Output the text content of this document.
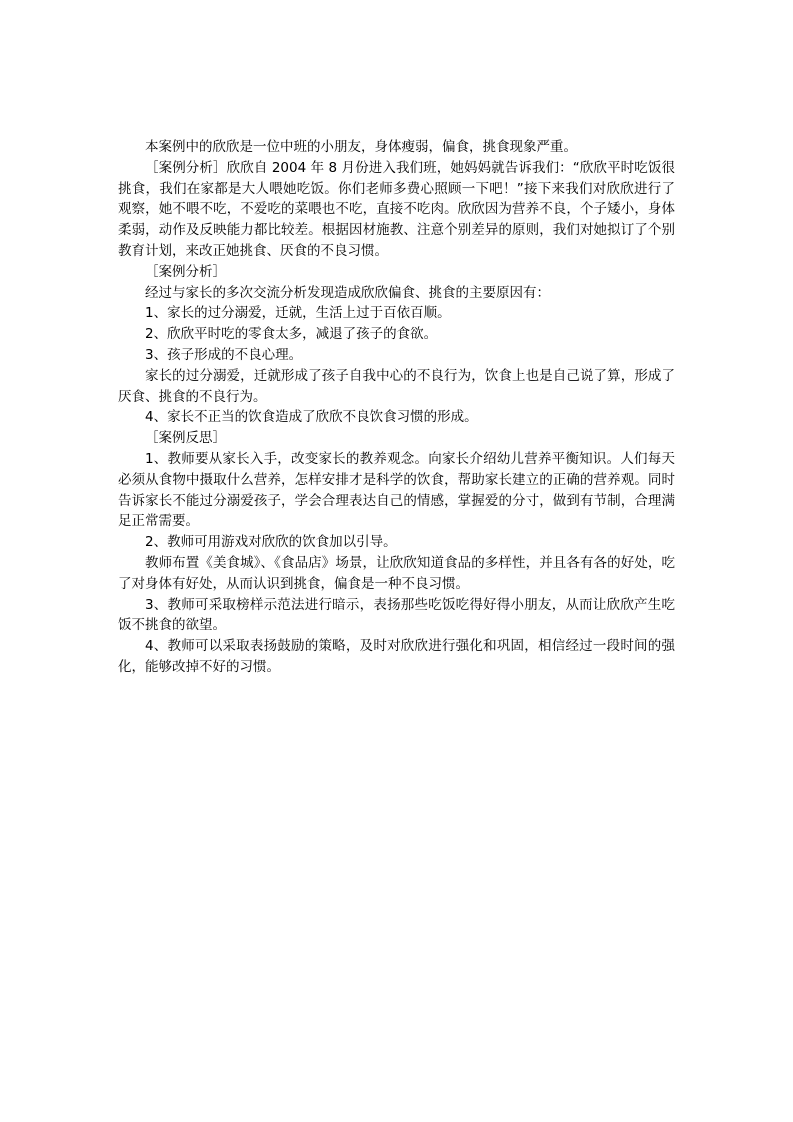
本案例中的欣欣是一位中班的小朋友，身体瘦弱，偏食，挑食现象严重。

［案例分析］欣欣自 2004 年 8 月份进入我们班，她妈妈就告诉我们：“欣欣平时吃饭很挑食，我们在家都是大人喂她吃饭。你们老师多费心照顾一下吧！”接下来我们对欣欣进行了观察，她不喂不吃，不爱吃的菜喂也不吃，直接不吃肉。欣欣因为营养不良，个子矮小，身体柔弱，动作及反映能力都比较差。根据因材施教、注意个别差异的原则，我们对她拟订了个别教育计划，来改正她挑食、厌食的不良习惯。

［案例分析］

经过与家长的多次交流分析发现造成欣欣偏食、挑食的主要原因有：

1、家长的过分溺爱，迁就，生活上过于百依百顺。

2、欣欣平时吃的零食太多，减退了孩子的食欲。

3、孩子形成的不良心理。

家长的过分溺爱，迁就形成了孩子自我中心的不良行为，饮食上也是自己说了算，形成了厌食、挑食的不良行为。

4、家长不正当的饮食造成了欣欣不良饮食习惯的形成。

［案例反思］

1、教师要从家长入手，改变家长的教养观念。向家长介绍幼儿营养平衡知识。人们每天必须从食物中摄取什么营养，怎样安排才是科学的饮食，帮助家长建立的正确的营养观。同时告诉家长不能过分溺爱孩子，学会合理表达自己的情感，掌握爱的分寸，做到有节制，合理满足正常需要。

2、教师可用游戏对欣欣的饮食加以引导。

教师布置《美食城》、《食品店》场景，让欣欣知道食品的多样性，并且各有各的好处，吃了对身体有好处，从而认识到挑食，偏食是一种不良习惯。

3、教师可采取榜样示范法进行暗示，表扬那些吃饭吃得好得小朋友，从而让欣欣产生吃饭不挑食的欲望。

4、教师可以采取表扬鼓励的策略，及时对欣欣进行强化和巩固，相信经过一段时间的强化，能够改掉不好的习惯。
